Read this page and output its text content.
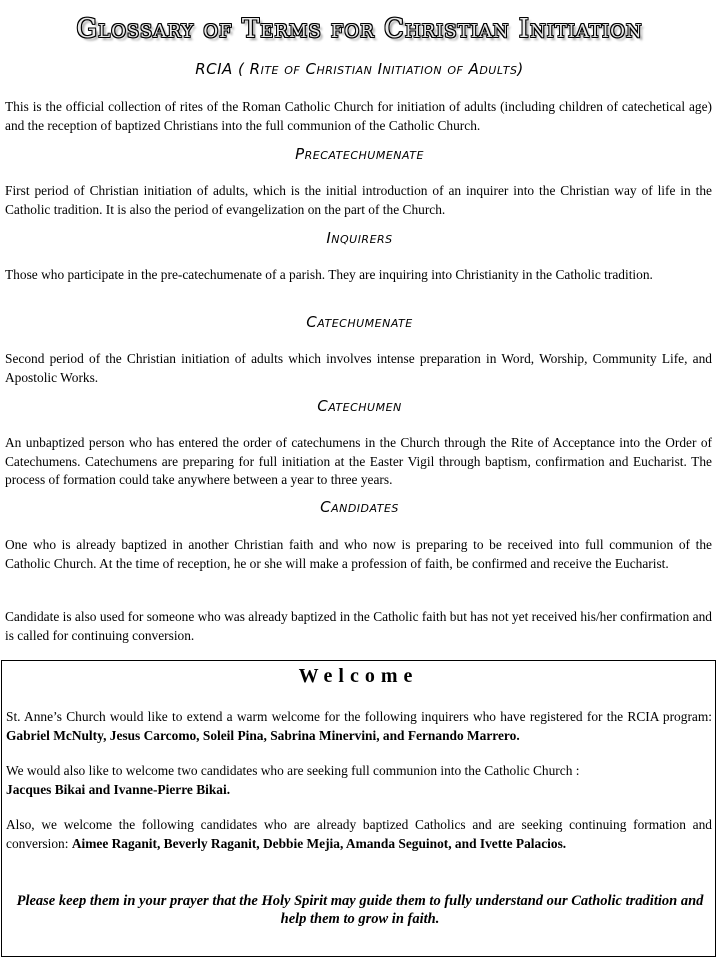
Glossary of Terms for Christian Initiation
RCIA ( Rite of Christian Initiation of Adults)
This is the official collection of rites of the Roman Catholic Church for initiation of adults (including children of catechetical age) and the reception of baptized Christians into the full communion of the Catholic Church.
Precatechumenate
First period of Christian initiation of adults, which is the initial introduction of an inquirer into the Christian way of life in the Catholic tradition. It is also the period of evangelization on the part of the Church.
Inquirers
Those who participate in the pre-catechumenate of a parish. They are inquiring into Christianity in the Catholic tradition.
Catechumenate
Second period of the Christian initiation of adults which involves intense preparation in Word, Worship, Community Life, and Apostolic Works.
Catechumen
An unbaptized person who has entered the order of catechumens in the Church through the Rite of Acceptance into the Order of Catechumens. Catechumens are preparing for full initiation at the Easter Vigil through baptism, confirmation and Eucharist. The process of formation could take anywhere between a year to three years.
Candidates
One who is already baptized in another Christian faith and who now is preparing to be received into full communion of the Catholic Church. At the time of reception, he or she will make a profession of faith, be confirmed and receive the Eucharist.
Candidate is also used for someone who was already baptized in the Catholic faith but has not yet received his/her confirmation and is called for continuing conversion.
Welcome
St. Anne’s Church would like to extend a warm welcome for the following inquirers who have registered for the RCIA program: Gabriel McNulty, Jesus Carcomo, Soleil Pina, Sabrina Minervini, and Fernando Marrero.
We would also like to welcome two candidates who are seeking full communion into the Catholic Church :
Jacques Bikai and Ivanne-Pierre Bikai.
Also, we welcome the following candidates who are already baptized Catholics and are seeking continuing formation and conversion: Aimee Raganit, Beverly Raganit, Debbie Mejia, Amanda Seguinot, and Ivette Palacios.
Please keep them in your prayer that the Holy Spirit may guide them to fully understand our Catholic tradition and help them to grow in faith.
